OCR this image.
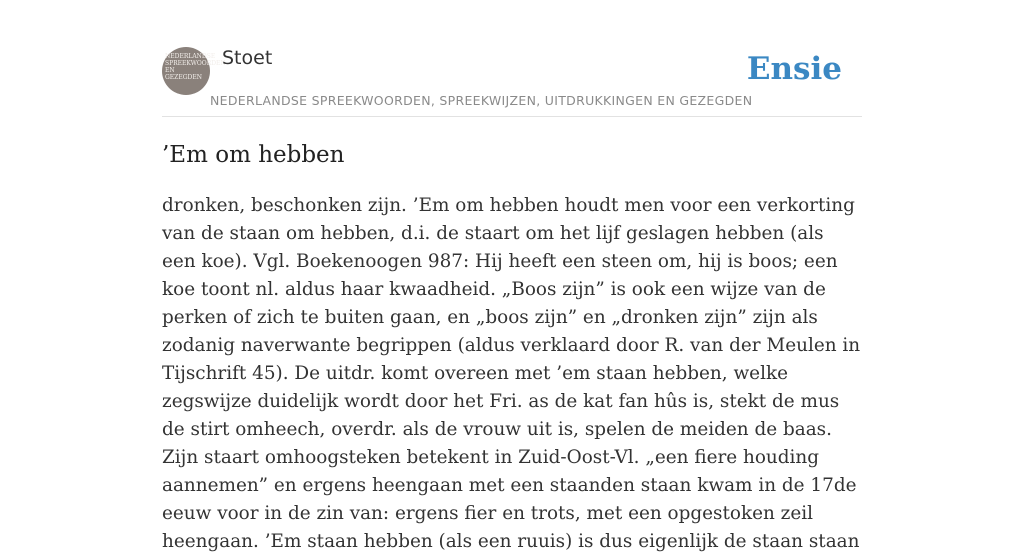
NEDERLANDSE
SPREEKWOORDEN
EN GEZEGDEN
Stoet
NEDERLANDSE SPREEKWOORDEN, SPREEKWIJZEN, UITDRUKKINGEN EN GEZEGDEN
Ensie
’Em om hebben

dronken, beschonken zijn. ’Em om hebben houdt men voor een verkorting van de staan om hebben, d.i. de staart om het lijf geslagen hebben (als een koe). Vgl. Boekenoogen 987: Hij heeft een steen om, hij is boos; een koe toont nl. aldus haar kwaadheid. „Boos zijn” is ook een wijze van de perken of zich te buiten gaan, en „boos zijn” en „dronken zijn” zijn als zodanig naverwante begrippen (aldus verklaard door R. van der Meulen in Tijschrift 45). De uitdr. komt overeen met ’em staan hebben, welke zegswijze duidelijk wordt door het Fri. as de kat fan hûs is, stekt de mus de stirt omheech, overdr. als de vrouw uit is, spelen de meiden de baas. Zijn staart omhoogsteken betekent in Zuid-Oost-Vl. „een fiere houding aannemen” en ergens heengaan met een staanden staan kwam in de 17de eeuw voor in de zin van: ergens fier en trots, met een opgestoken zeil heengaan. ’Em staan hebben (als een ruuis) is dus eigenlijk de staan staan
